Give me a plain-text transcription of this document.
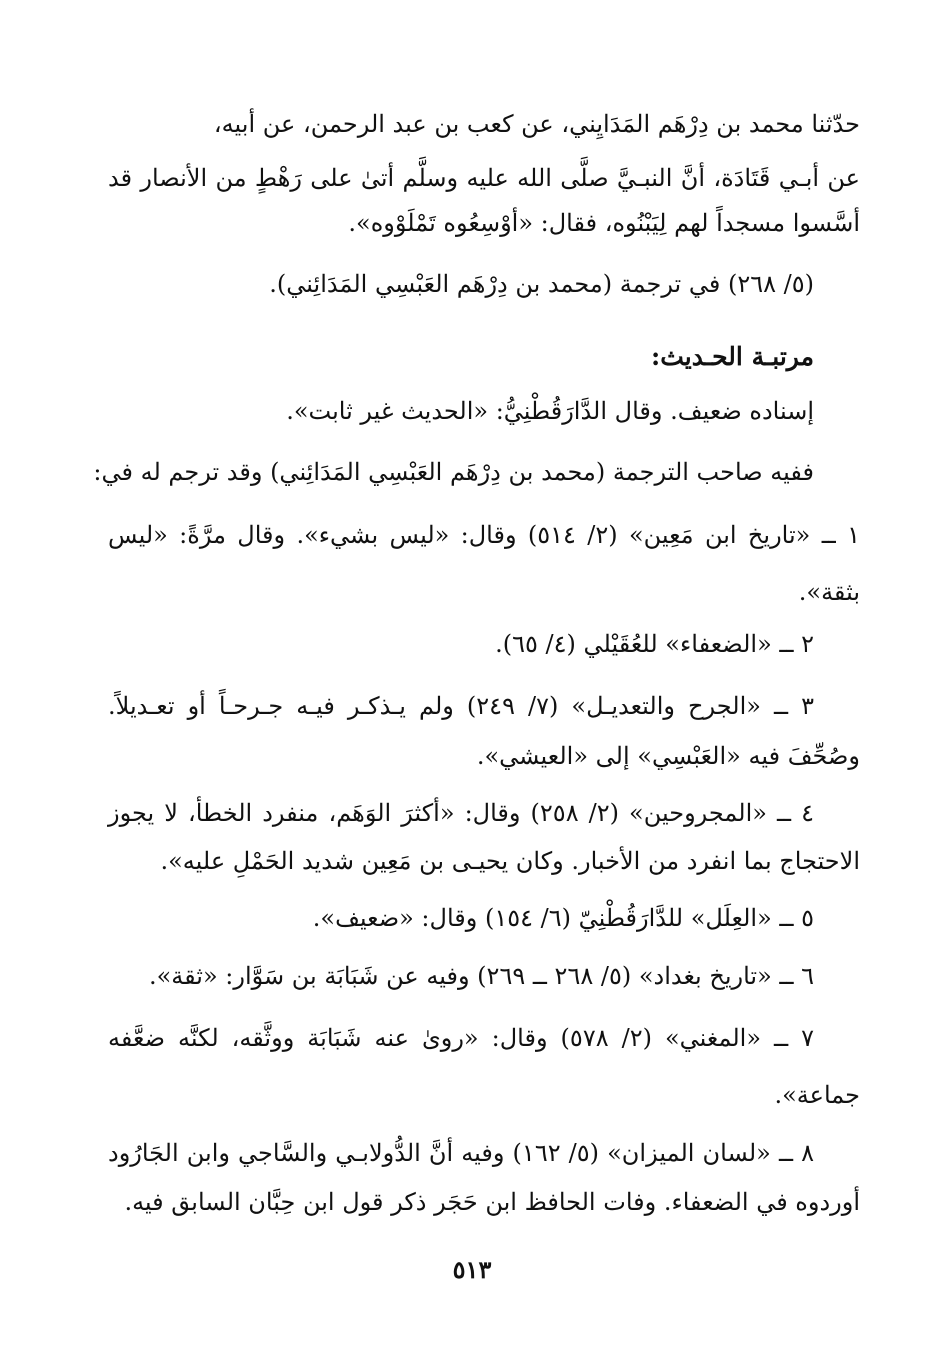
حدّثنا محمد بن دِرْهَم المَدَايِني، عن كعب بن عبد الرحمن، عن أبيه،
عن أبـي قَتَادَة، أنَّ النبـيَّ صلَّى الله عليه وسلَّم أتىٰ على رَهْطٍ من الأنصار قد
أسَّسوا مسجداً لهم لِيَبْنُوه، فقال: «أوْسِعُوه تَمْلَوْوه».
(٥/ ٢٦٨) في ترجمة (محمد بن دِرْهَم العَبْسِي المَدَائِني).
مرتبـة الحـديث:
إسناده ضعيف. وقال الدَّارَقُطْنِيُّ: «الحديث غير ثابت».
ففيه صاحب الترجمة (محمد بن دِرْهَم العَبْسِي المَدَائِني) وقد ترجم له في:
١ ــ «تاريخ ابن مَعِين» (٢/ ٥١٤) وقال: «ليس بشيء». وقال مرَّةً: «ليس
بثقة».
٢ ــ «الضعفاء» للعُقَيْلي (٤/ ٦٥).
٣ ــ «الجرح والتعديـل» (٧/ ٢٤٩) ولم يـذكـر فيـه جـرحـاً أو تعـديلاً.
وصُحِّفَ فيه «العَبْسِي» إلى «العيشي».
٤ ــ «المجروحين» (٢/ ٢٥٨) وقال: «أكثرَ الوَهَم، منفرد الخطأ، لا يجوز
الاحتجاج بما انفرد من الأخبار. وكان يحيـى بن مَعِين شديد الحَمْلِ عليه».
٥ ــ «العِلَل» للدَّارَقُطْنِيّ (٦/ ١٥٤) وقال: «ضعيف».
٦ ــ «تاريخ بغداد» (٥/ ٢٦٨ ــ ٢٦٩) وفيه عن شَبَابَة بن سَوَّار: «ثقة».
٧ ــ «المغني» (٢/ ٥٧٨) وقال: «روىٰ عنه شَبَابَة ووثَّقه، لكنَّه ضعَّفه
جماعة».
٨ ــ «لسان الميزان» (٥/ ١٦٢) وفيه أنَّ الدُّولابـي والسَّاجي وابن الجَارُود
أوردوه في الضعفاء. وفات الحافظ ابن حَجَر ذكر قول ابن حِبَّان السابق فيه.
٥١٣
